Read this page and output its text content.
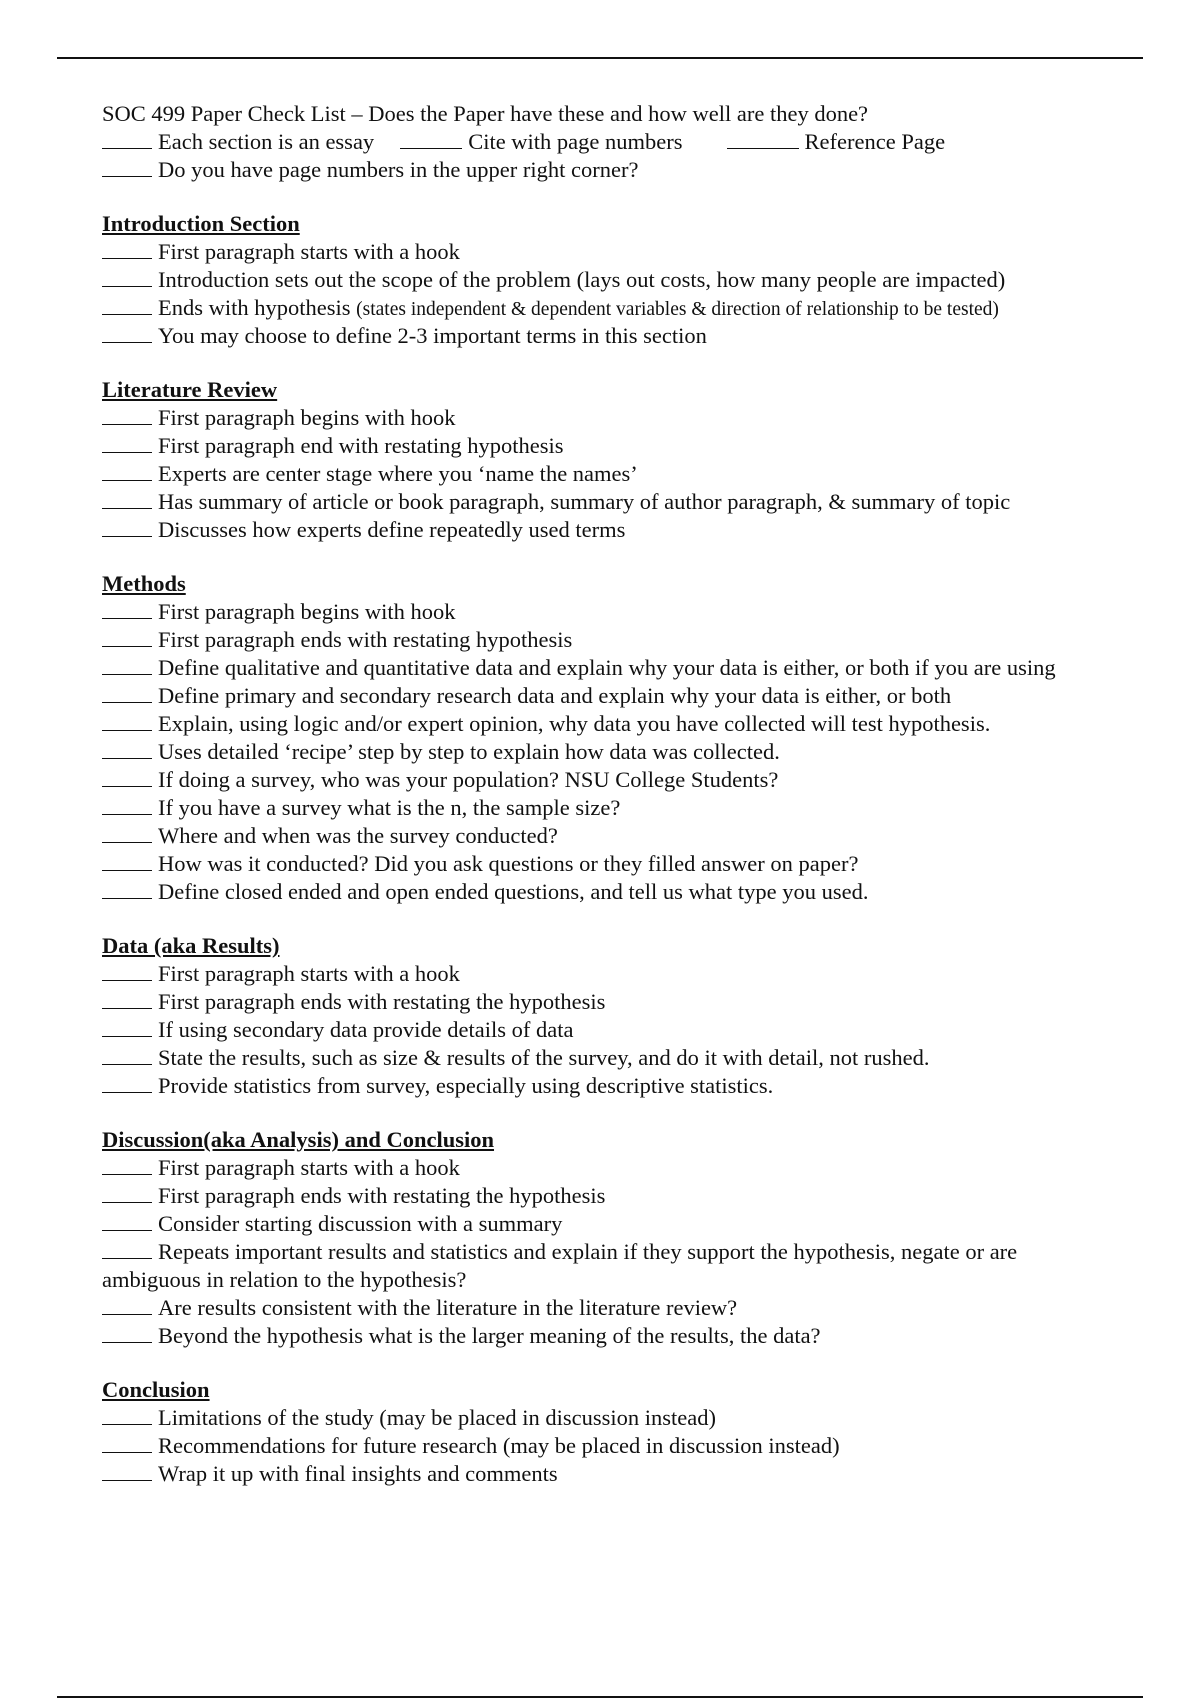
SOC 499 Paper Check List – Does the Paper have these and how well are they done?
Each section is an essay	Cite with page numbers	Reference Page
Do you have page numbers in the upper right corner?
Introduction Section
First paragraph starts with a hook
Introduction sets out the scope of the problem (lays out costs, how many people are impacted)
Ends with hypothesis (states independent & dependent variables & direction of relationship to be tested)
You may choose to define 2-3 important terms in this section
Literature Review
First paragraph begins with hook
First paragraph end with restating hypothesis
Experts are center stage where you ‘name the names’
Has summary of article or book paragraph, summary of author paragraph, & summary of topic
Discusses how experts define repeatedly used terms
Methods
First paragraph begins with hook
First paragraph ends with restating hypothesis
Define qualitative and quantitative data and explain why your data is either, or both if you are using
Define primary and secondary research data and explain why your data is either, or both
Explain, using logic and/or expert opinion, why data you have collected will test hypothesis.
Uses detailed ‘recipe’ step by step to explain how data was collected.
If doing a survey, who was your population? NSU College Students?
If you have a survey what is the n, the sample size?
Where and when was the survey conducted?
How was it conducted? Did you ask questions or they filled answer on paper?
Define closed ended and open ended questions, and tell us what type you used.
Data (aka Results)
First paragraph starts with a hook
First paragraph ends with restating the hypothesis
If using secondary data provide details of data
State the results, such as size & results of the survey, and do it with detail, not rushed.
Provide statistics from survey, especially using descriptive statistics.
Discussion(aka Analysis) and Conclusion
First paragraph starts with a hook
First paragraph ends with restating the hypothesis
Consider starting discussion with a summary
Repeats important results and statistics and explain if they support the hypothesis, negate or are
ambiguous in relation to the hypothesis?
Are results consistent with the literature in the literature review?
Beyond the hypothesis what is the larger meaning of the results, the data?
Conclusion
Limitations of the study (may be placed in discussion instead)
Recommendations for future research (may be placed in discussion instead)
Wrap it up with final insights and comments
